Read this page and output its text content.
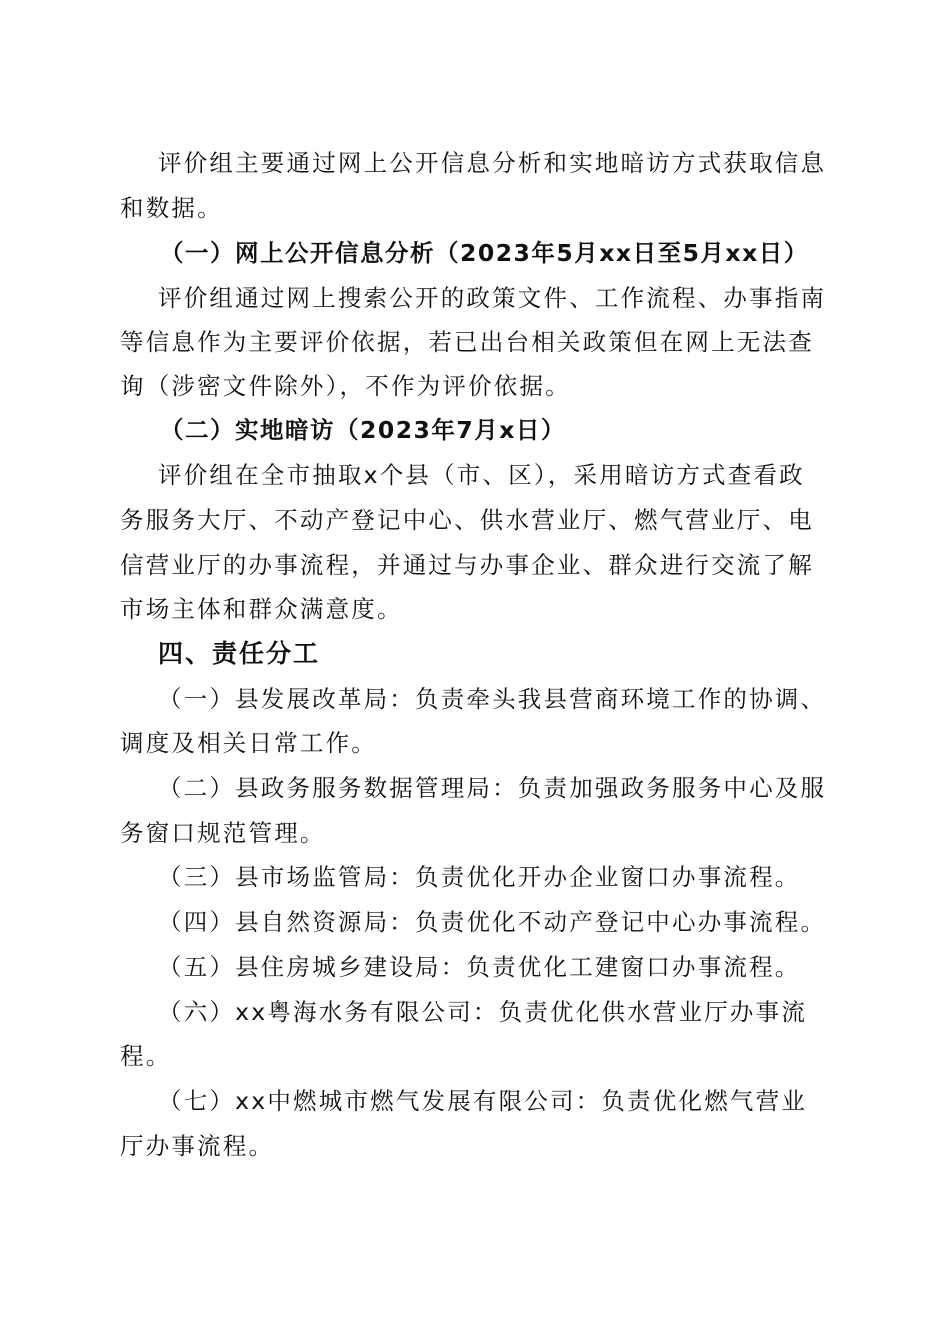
评价组主要通过网上公开信息分析和实地暗访方式获取信息
和数据。
（一）网上公开信息分析（2023年5月xx日至5月xx日）
评价组通过网上搜索公开的政策文件、工作流程、办事指南
等信息作为主要评价依据，若已出台相关政策但在网上无法查
询（涉密文件除外），不作为评价依据。
（二）实地暗访（2023年7月x日）
评价组在全市抽取x个县（市、区），采用暗访方式查看政
务服务大厅、不动产登记中心、供水营业厅、燃气营业厅、电
信营业厅的办事流程，并通过与办事企业、群众进行交流了解
市场主体和群众满意度。
四、责任分工
（一）县发展改革局：负责牵头我县营商环境工作的协调、
调度及相关日常工作。
（二）县政务服务数据管理局：负责加强政务服务中心及服
务窗口规范管理。
（三）县市场监管局：负责优化开办企业窗口办事流程。
（四）县自然资源局：负责优化不动产登记中心办事流程。
（五）县住房城乡建设局：负责优化工建窗口办事流程。
（六）xx粤海水务有限公司：负责优化供水营业厅办事流
程。
（七）xx中燃城市燃气发展有限公司：负责优化燃气营业
厅办事流程。
